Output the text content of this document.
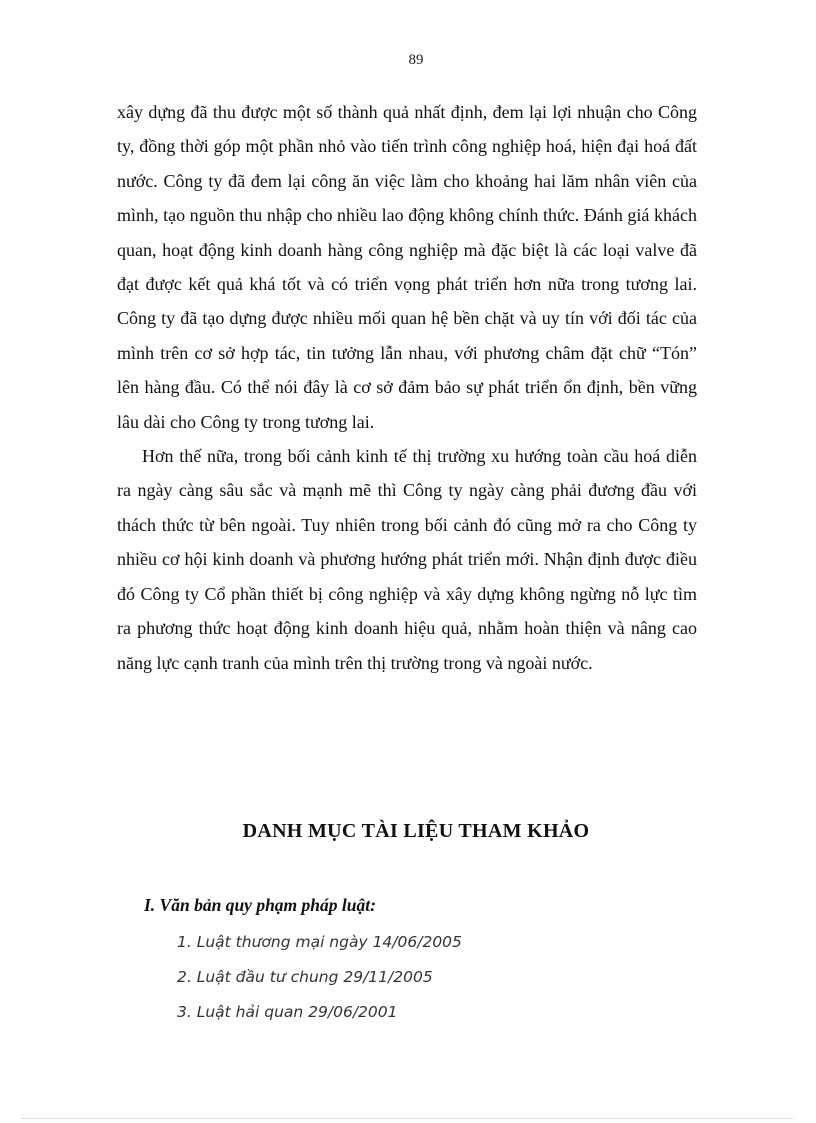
89

xây dựng đã thu được một số thành quả nhất định, đem lại lợi nhuận cho Công ty, đồng thời góp một phần nhỏ vào tiến trình công nghiệp hoá, hiện đại hoá đất nước. Công ty đã đem lại công ăn việc làm cho khoảng hai lăm nhân viên của mình, tạo nguồn thu nhập cho nhiều lao động không chính thức. Đánh giá khách quan, hoạt động kinh doanh hàng công nghiệp mà đặc biệt là các loại valve đã đạt được kết quả khá tốt và có triển vọng phát triển hơn nữa trong tương lai. Công ty đã tạo dựng được nhiều mối quan hệ bền chặt và uy tín với đối tác của mình trên cơ sở hợp tác, tin tưởng lẫn nhau, với phương châm đặt chữ “Tón” lên hàng đầu. Có thể nói đây là cơ sở đảm bảo sự phát triển ổn định, bền vững lâu dài cho Công ty trong tương lai.

Hơn thế nữa, trong bối cảnh kinh tế thị trường xu hướng toàn cầu hoá diễn ra ngày càng sâu sắc và mạnh mẽ thì Công ty ngày càng phải đương đầu với thách thức từ bên ngoài. Tuy nhiên trong bối cảnh đó cũng mở ra cho Công ty nhiều cơ hội kinh doanh và phương hướng phát triển mới. Nhận định được điều đó Công ty Cổ phần thiết bị công nghiệp và xây dựng không ngừng nỗ lực tìm ra phương thức hoạt động kinh doanh hiệu quả, nhằm hoàn thiện và nâng cao năng lực cạnh tranh của mình trên thị trường trong và ngoài nước.

DANH MỤC TÀI LIỆU THAM KHẢO
I. Văn bản quy phạm pháp luật:
1. Luật thương mại ngày 14/06/2005
2. Luật đầu tư chung 29/11/2005
3. Luật hải quan 29/06/2001
